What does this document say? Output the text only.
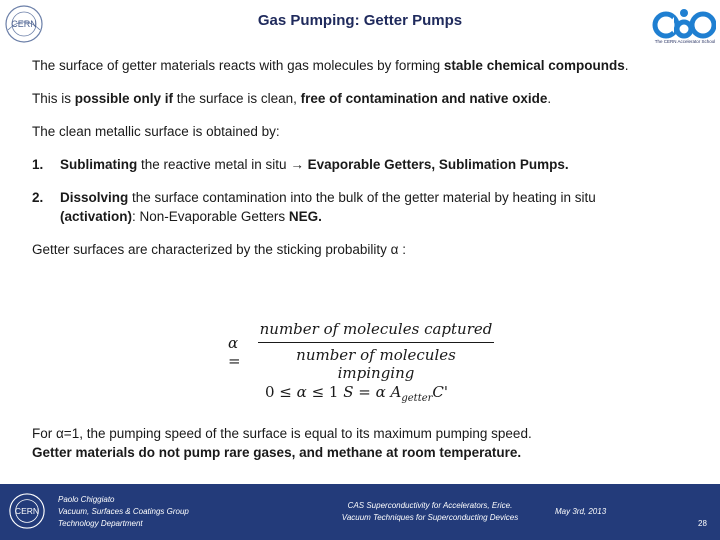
CERN	Gas Pumping: Getter Pumps
The CERN Accelerator School

The surface of getter materials reacts with gas molecules by forming stable chemical compounds.

This is possible only if the surface is clean, free of contamination and native oxide.

The clean metallic surface is obtained by:

1. Sublimating the reactive metal in situ → Evaporable Getters, Sublimation Pumps.
2. Dissolving the surface contamination into the bulk of the getter material by heating in situ (activation): Non-Evaporable Getters NEG.

Getter surfaces are characterized by the sticking probability α :

α =
number of molecules captured
number of molecules impinging
0 ≤ α ≤ 1 S = α $A_{getter}C'$
For α=1, the pumping speed of the surface is equal to its maximum pumping speed.
Getter materials do not pump rare gases, and methane at room temperature.
CERN
Paolo Chiggiato
Vacuum, Surfaces & Coatings Group
Technology Department
CAS Superconductivity for Accelerators, Erice.
Vacuum Techniques for Superconducting Devices
May 3rd, 2013
28
